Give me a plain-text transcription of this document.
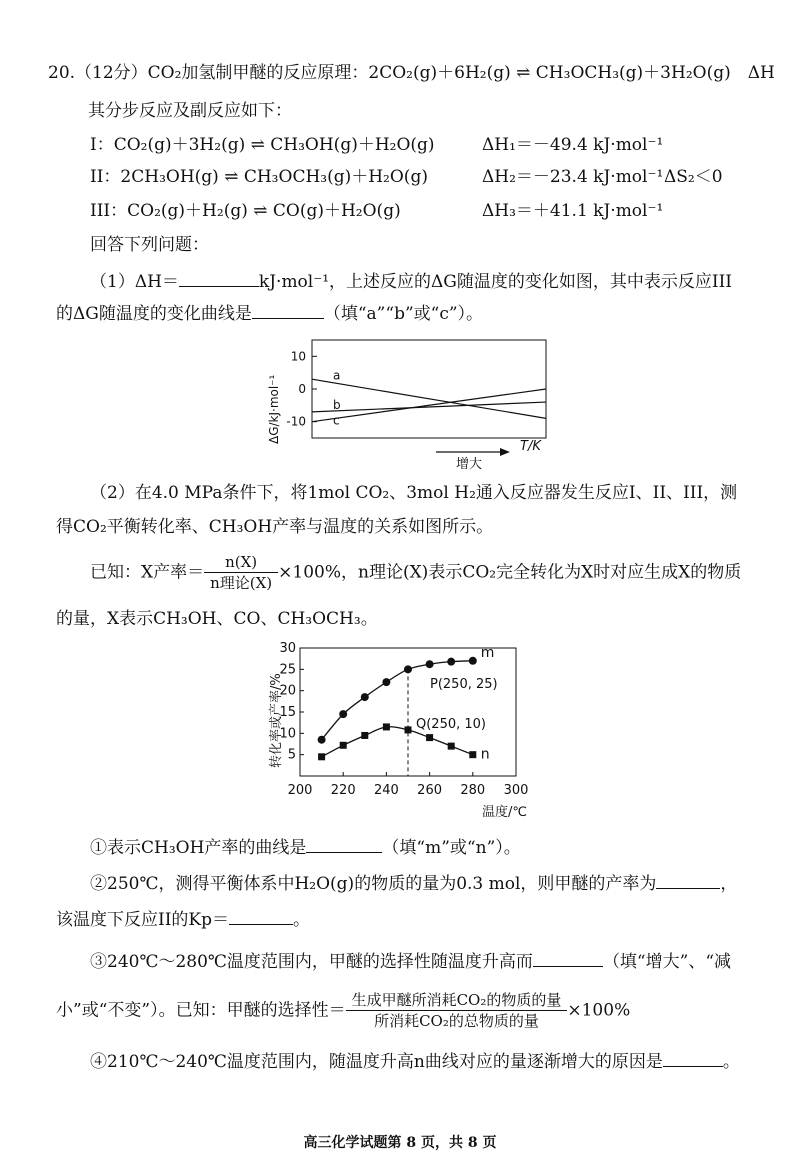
20.（12分）CO₂加氢制甲醚的反应原理：2CO₂(g)＋6H₂(g) ⇌ CH₃OCH₃(g)＋3H₂O(g)　ΔH
其分步反应及副反应如下：
I：CO₂(g)＋3H₂(g) ⇌ CH₃OH(g)＋H₂O(g)	ΔH₁＝－49.4 kJ·mol⁻¹
II：2CH₃OH(g) ⇌ CH₃OCH₃(g)＋H₂O(g)	ΔH₂＝－23.4 kJ·mol⁻¹ ΔS₂＜0
III：CO₂(g)＋H₂(g) ⇌ CO(g)＋H₂O(g)	ΔH₃＝＋41.1 kJ·mol⁻¹
回答下列问题：
（1）ΔH＝	kJ·mol⁻¹，上述反应的ΔG随温度的变化如图，其中表示反应III
的ΔG随温度的变化曲线是	（填“a”“b”或“c”）。
10
0
-10
a
b
c
ΔG/kJ·mol⁻¹
增大
T/K
（2）在4.0 MPa条件下，将1mol CO₂、3mol H₂通入反应器发生反应I、II、III，测
得CO₂平衡转化率、CH₃OH产率与温度的关系如图所示。
已知：X产率＝ $\frac{n(X)}{\text{n理论(X)}} \times 100\%$，n理论(X)表示CO₂完全转化为X时对应生成X的物质
的量，X表示CH₃OH、CO、CH₃OCH₃。
200 220 240 260 280 300
5
10
15
20
25
30	m
n
P(250, 25)
Q(250, 10)
转化率或产率/%
温度/℃
①表示CH₃OH产率的曲线是	（填“m”或“n”）。
②250℃，测得平衡体系中H₂O(g)的物质的量为0.3 mol，则甲醚的产率为	，
该温度下反应II的Kp＝	。
③240℃～280℃温度范围内，甲醚的选择性随温度升高而	（填“增大”、“减
小”或“不变”）。已知：甲醚的选择性＝ $\frac{\text{生成甲醚所消耗CO₂的物质的量}}{\text{所消耗CO₂的总物质的量}} \times 100\%$
④210℃～240℃温度范围内，随温度升高n曲线对应的量逐渐增大的原因是	。
高三化学试题第 8 页，共 8 页
